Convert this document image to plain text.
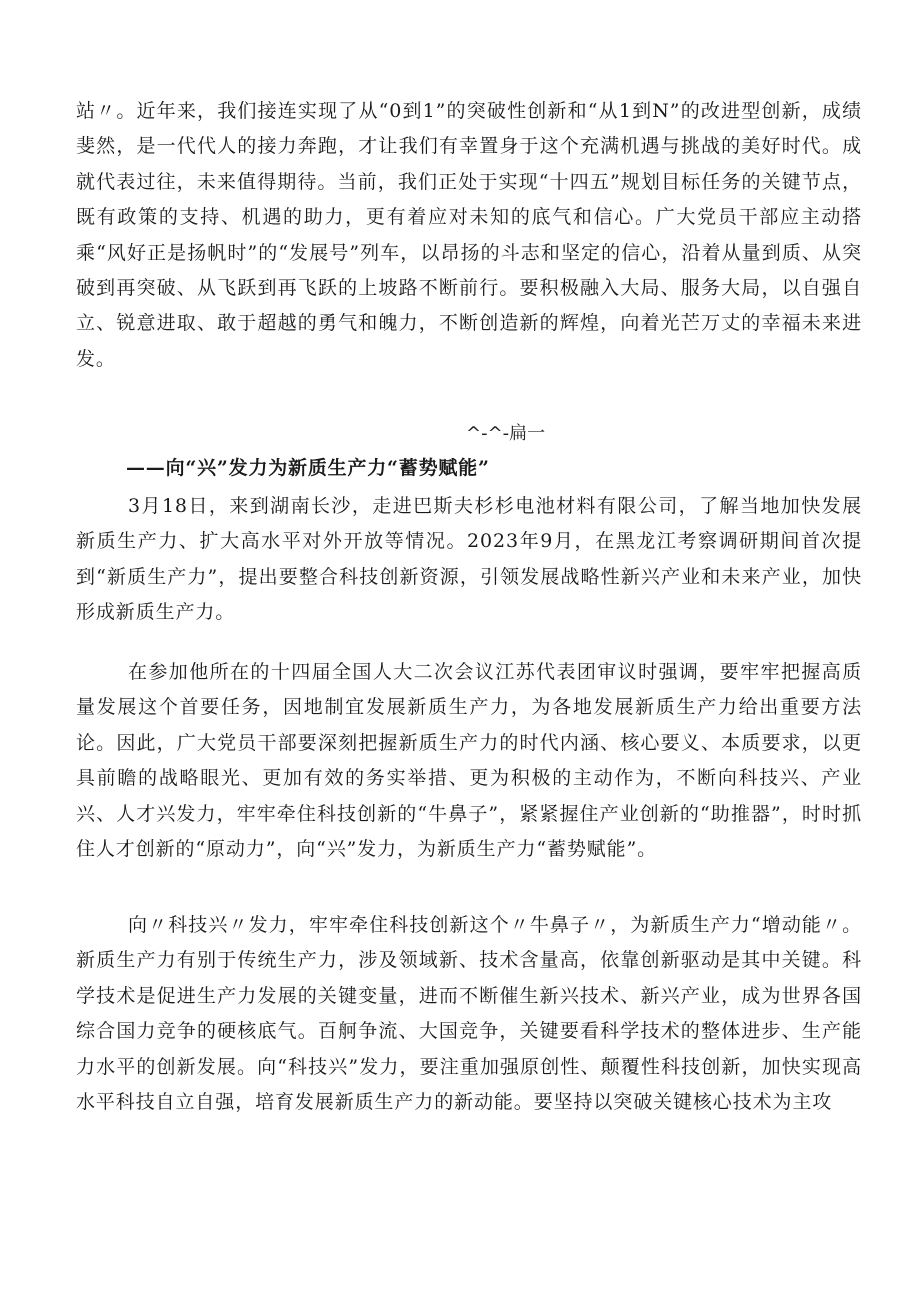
站〃。近年来，我们接连实现了从“0到1”的突破性创新和“从1到N”的改进型创新，成绩斐然，是一代代人的接力奔跑，才让我们有幸置身于这个充满机遇与挑战的美好时代。成就代表过往，未来值得期待。当前，我们正处于实现“十四五”规划目标任务的关键节点，既有政策的支持、机遇的助力，更有着应对未知的底气和信心。广大党员干部应主动搭乘“风好正是扬帆时”的“发展号”列车，以昂扬的斗志和坚定的信心，沿着从量到质、从突破到再突破、从飞跃到再飞跃的上坡路不断前行。要积极融入大局、服务大局，以自强自立、锐意进取、敢于超越的勇气和魄力，不断创造新的辉煌，向着光芒万丈的幸福未来进发。

^-^-扁一
——向“兴”发力为新质生产力“蓄势赋能”

3月18日，来到湖南长沙，走进巴斯夫杉杉电池材料有限公司，了解当地加快发展新质生产力、扩大高水平对外开放等情况。2023年9月，在黑龙江考察调研期间首次提到“新质生产力”，提出要整合科技创新资源，引领发展战略性新兴产业和未来产业，加快形成新质生产力。

在参加他所在的十四届全国人大二次会议江苏代表团审议时强调，要牢牢把握高质量发展这个首要任务，因地制宜发展新质生产力，为各地发展新质生产力给出重要方法论。因此，广大党员干部要深刻把握新质生产力的时代内涵、核心要义、本质要求，以更具前瞻的战略眼光、更加有效的务实举措、更为积极的主动作为，不断向科技兴、产业兴、人才兴发力，牢牢牵住科技创新的“牛鼻子”，紧紧握住产业创新的“助推器”，时时抓住人才创新的“原动力”，向“兴”发力，为新质生产力“蓄势赋能”。

向〃科技兴〃发力，牢牢牵住科技创新这个〃牛鼻子〃，为新质生产力“增动能〃。新质生产力有别于传统生产力，涉及领域新、技术含量高，依靠创新驱动是其中关键。科学技术是促进生产力发展的关键变量，进而不断催生新兴技术、新兴产业，成为世界各国综合国力竞争的硬核底气。百舸争流、大国竞争，关键要看科学技术的整体进步、生产能力水平的创新发展。向“科技兴”发力，要注重加强原创性、颠覆性科技创新，加快实现高水平科技自立自强，培育发展新质生产力的新动能。要坚持以突破关键核心技术为主攻
